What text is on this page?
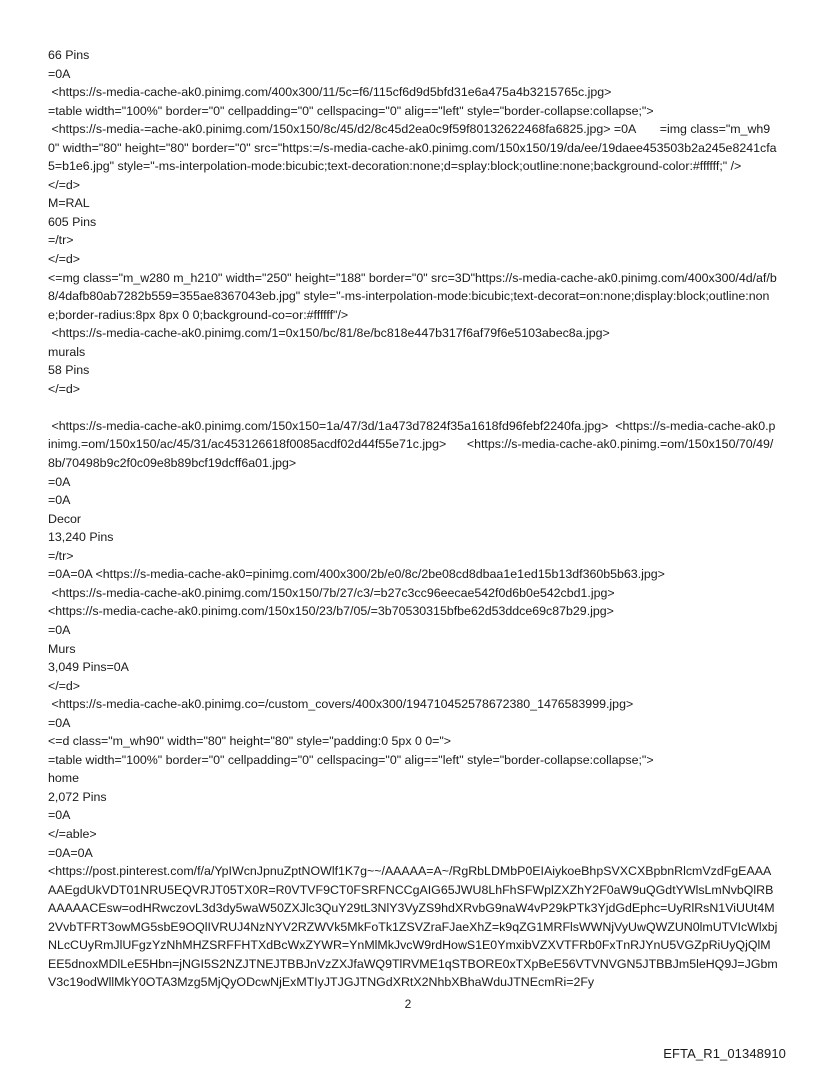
66 Pins

=0A

<https://s-media-cache-ak0.pinimg.com/400x300/11/5c=f6/115cf6d9d5bfd31e6a475a4b3215765c.jpg>

=table width="100%" border="0" cellpadding="0" cellspacing="0" alig=="left" style="border-collapse:collapse;">

<https://s-media-=ache-ak0.pinimg.com/150x150/8c/45/d2/8c45d2ea0c9f59f80132622468fa6825.jpg> =0A       =img class="m_wh90" width="80" height="80" border="0" src="https:=/s-media-cache-ak0.pinimg.com/150x150/19/da/ee/19daee453503b2a245e8241cfa5=b1e6.jpg" style="-ms-interpolation-mode:bicubic;text-decoration:none;d=splay:block;outline:none;background-color:#ffffff;" />

</=d>

M=RAL

605 Pins

=/tr>

</=d>

<=mg class="m_w280 m_h210" width="250" height="188" border="0" src=3D"https://s-media-cache-ak0.pinimg.com/400x300/4d/af/b8/4dafb80ab7282b559=355ae8367043eb.jpg" style="-ms-interpolation-mode:bicubic;text-decorat=on:none;display:block;outline:none;border-radius:8px 8px 0 0;background-co=or:#ffffff"/>

<https://s-media-cache-ak0.pinimg.com/1=0x150/bc/81/8e/bc818e447b317f6af79f6e5103abec8a.jpg>

murals

58 Pins

</=d>

<https://s-media-cache-ak0.pinimg.com/150x150=1a/47/3d/1a473d7824f35a1618fd96febf2240fa.jpg>  <https://s-media-cache-ak0.pinimg.=om/150x150/ac/45/31/ac453126618f0085acdf02d44f55e71c.jpg>      <https://s-media-cache-ak0.pinimg.=om/150x150/70/49/8b/70498b9c2f0c09e8b89bcf19dcff6a01.jpg>

=0A

=0A

Decor

13,240 Pins

=/tr>

=0A=0A <https://s-media-cache-ak0=pinimg.com/400x300/2b/e0/8c/2be08cd8dbaa1e1ed15b13df360b5b63.jpg>

<https://s-media-cache-ak0.pinimg.com/150x150/7b/27/c3/=b27c3cc96eecae542f0d6b0e542cbd1.jpg>

<https://s-media-cache-ak0.pinimg.com/150x150/23/b7/05/=3b70530315bfbe62d53ddce69c87b29.jpg>

=0A

Murs

3,049 Pins=0A

</=d>

<https://s-media-cache-ak0.pinimg.co=/custom_covers/400x300/194710452578672380_1476583999.jpg>

=0A

<=d class="m_wh90" width="80" height="80" style="padding:0 5px 0 0=">

=table width="100%" border="0" cellpadding="0" cellspacing="0" alig=="left" style="border-collapse:collapse;">

home

2,072 Pins

=0A

</=able>

=0A=0A

<https://post.pinterest.com/f/a/YpIWcnJpnuZptNOWlf1K7g~~/AAAAA=A~/RgRbLDMbP0EIAiykoeBhpSVXCXBpbnRlcmVzdFgEAAAAAEgdUkVDT01NRU5EQVRJT05TX0R=R0VTVF9CT0FSRFNCCgAIG65JWU8LhFhSFWplZXZhY2F0aW9uQGdtYWlsLmNvbQlRBAAAAACEsw=odHRwczovL3d3dy5waW50ZXJlc3QuY29tL3NlY3VyZS9hdXRvbG9naW4vP29kPTk3YjdGdEphc=UyRlRsN1ViUUt4M2VvbTFRT3owMG5sbE9OQlIVRUJ4NzNYV2RZWVk5MkFoTk1ZSVZraFJaeXhZ=k9qZG1MRFlsWWNjVyUwQWZUN0lmUTVIcWlxbjNLcCUyRmJlUFgzYzNhMHZSRFFHTXdBcWxZYWR=YnMlMkJvcW9rdHowS1E0YmxibVZXVTFRb0FxTnRJYnU5VGZpRiUyQjQlMEE5dnoxMDlLeE5Hbn=jNGI5S2NZJTNEJTBBJnVzZXJfaWQ9TlRVME1qSTBORE0xTXpBeE56VTVNVGN5JTBBJm5leHQ9J=JGbmV3c19odWllMkY0OTA3Mzg5MjQyODcwNjExMTIyJTJGJTNGdXRtX2NhbXBhaWduJTNEcmRi=2Fy

2
EFTA_R1_01348910
